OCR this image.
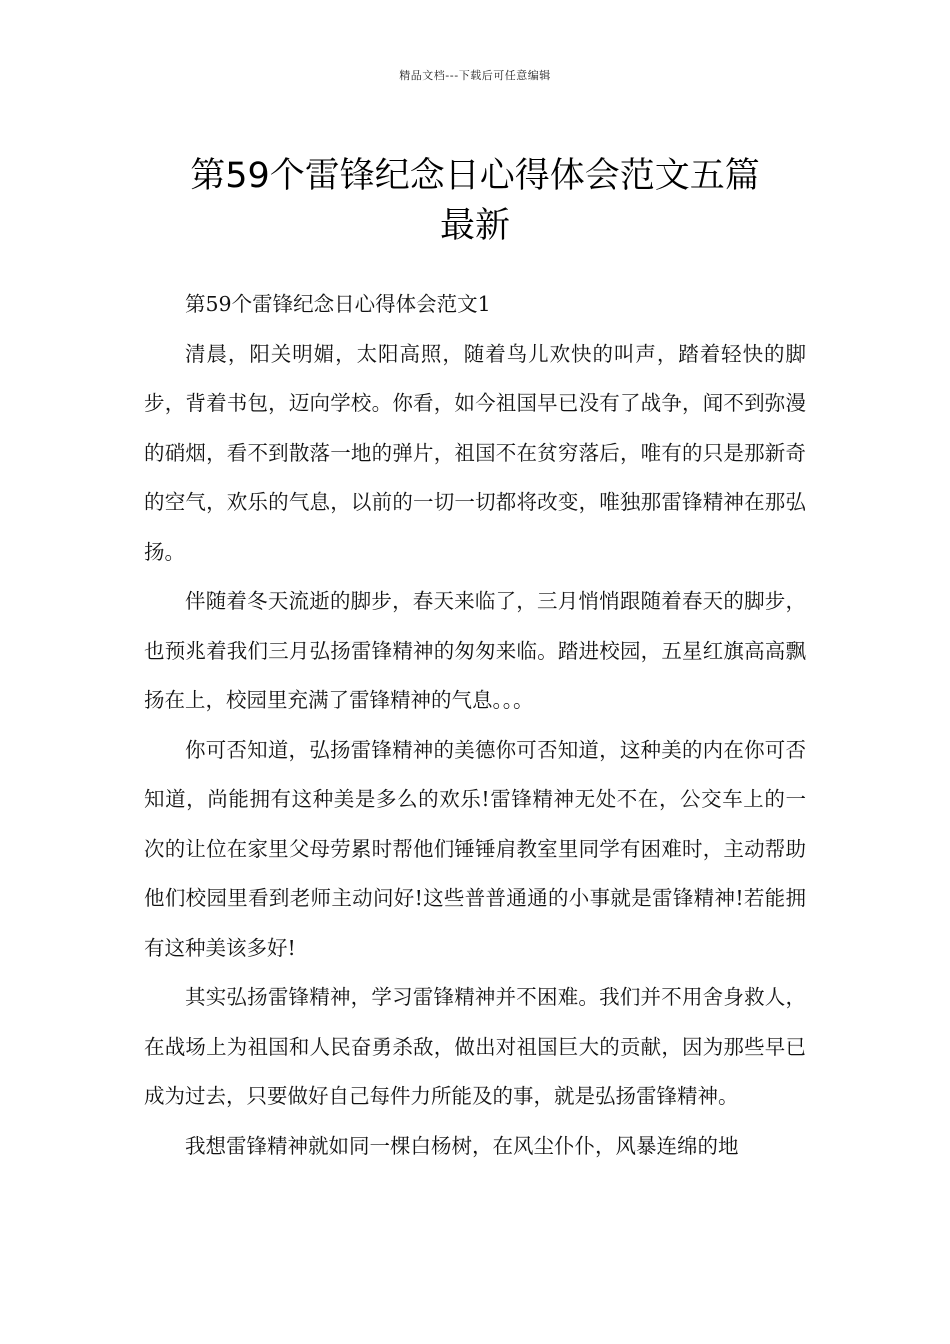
精品文档---下载后可任意编辑
第59个雷锋纪念日心得体会范文五篇
最新

第59个雷锋纪念日心得体会范文1

清晨，阳关明媚，太阳高照，随着鸟儿欢快的叫声，踏着轻快的脚步，背着书包，迈向学校。你看，如今祖国早已没有了战争，闻不到弥漫的硝烟，看不到散落一地的弹片，祖国不在贫穷落后，唯有的只是那新奇的空气，欢乐的气息，以前的一切一切都将改变，唯独那雷锋精神在那弘扬。

伴随着冬天流逝的脚步，春天来临了，三月悄悄跟随着春天的脚步，也预兆着我们三月弘扬雷锋精神的匆匆来临。踏进校园，五星红旗高高飘扬在上，校园里充满了雷锋精神的气息。。。

你可否知道，弘扬雷锋精神的美德你可否知道，这种美的内在你可否知道，尚能拥有这种美是多么的欢乐!雷锋精神无处不在，公交车上的一次的让位在家里父母劳累时帮他们锤锤肩教室里同学有困难时，主动帮助他们校园里看到老师主动问好!这些普普通通的小事就是雷锋精神!若能拥有这种美该多好!

其实弘扬雷锋精神，学习雷锋精神并不困难。我们并不用舍身救人，在战场上为祖国和人民奋勇杀敌，做出对祖国巨大的贡献，因为那些早已成为过去，只要做好自己每件力所能及的事，就是弘扬雷锋精神。

我想雷锋精神就如同一棵白杨树，在风尘仆仆，风暴连绵的地
